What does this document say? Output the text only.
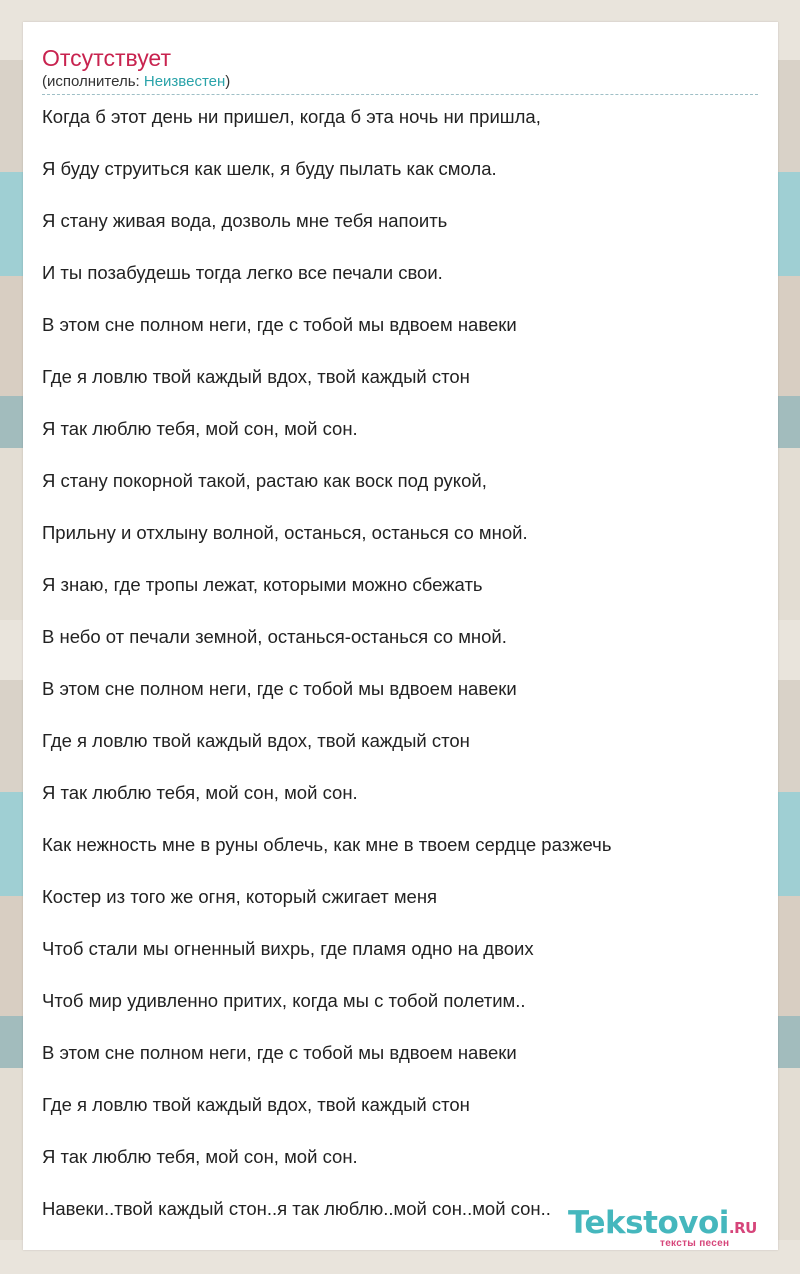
Отсутствует
(исполнитель: Неизвестен)
Когда б этот день ни пришел, когда б эта ночь ни пришла,
Я буду струиться как шелк, я буду пылать как смола.
Я стану живая вода, дозволь мне тебя напоить
И ты позабудешь тогда легко все печали свои.
В этом сне полном неги, где с тобой мы вдвоем навеки
Где я ловлю твой каждый вдох, твой каждый стон
Я так люблю тебя, мой сон, мой сон.
Я стану покорной такой, растаю как воск под рукой,
Прильну и отхлыну волной, останься, останься со мной.
Я знаю, где тропы лежат, которыми можно сбежать
В небо от печали земной, останься-останься со мной.
В этом сне полном неги, где с тобой мы вдвоем навеки
Где я ловлю твой каждый вдох, твой каждый стон
Я так люблю тебя, мой сон, мой сон.
Как нежность мне в руны облечь, как мне в твоем сердце разжечь
Костер из того же огня, который сжигает меня
Чтоб стали мы огненный вихрь, где пламя одно на двоих
Чтоб мир удивленно притих, когда мы с тобой полетим..
В этом сне полном неги, где с тобой мы вдвоем навеки
Где я ловлю твой каждый вдох, твой каждый стон
Я так люблю тебя, мой сон, мой сон.
Навеки..твой каждый стон..я так люблю..мой сон..мой сон.. Tekstovoi.RU
тексты песен
